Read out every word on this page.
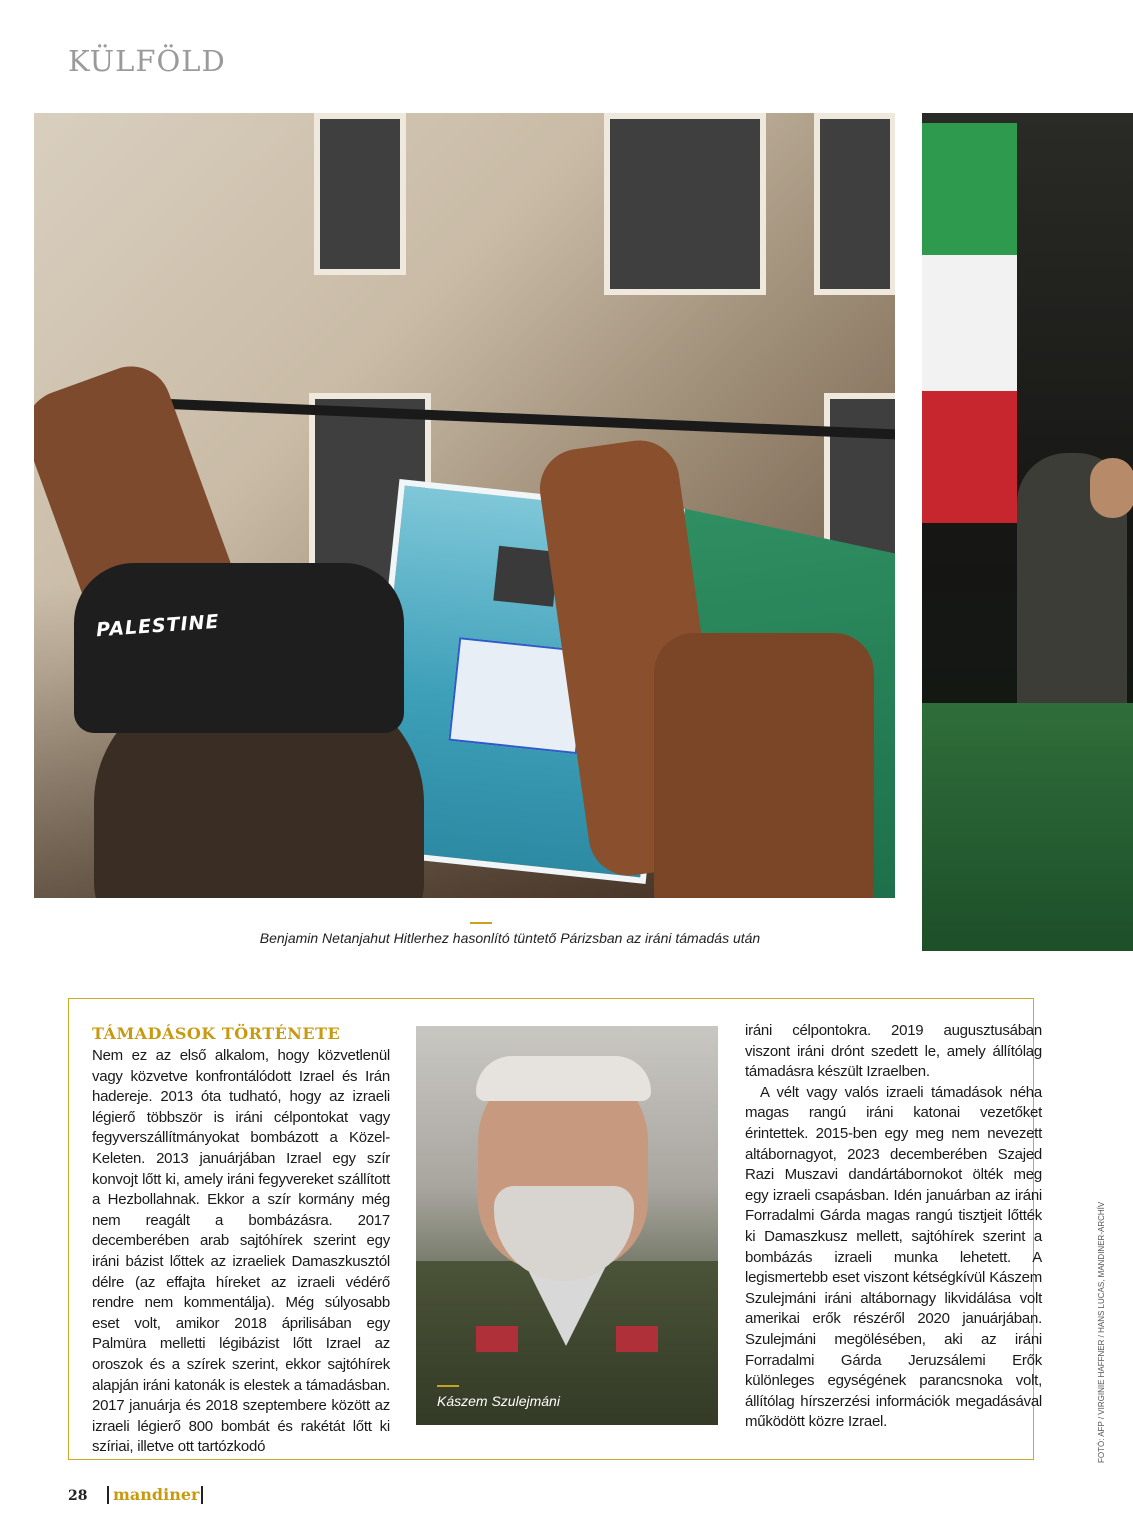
KÜLFÖLD
PALESTINE
Benjamin Netanjahut Hitlerhez hasonlító tüntető Párizsban az iráni támadás után
TÁMADÁSOK TÖRTÉNETE

Nem ez az első alkalom, hogy közvetlenül vagy közvetve konfrontálódott Izrael és Irán hadereje. 2013 óta tudható, hogy az izraeli légierő többször is iráni célpontokat vagy fegyverszállítmányokat bombázott a Közel-Keleten. 2013 januárjában Izrael egy szír konvojt lőtt ki, amely iráni fegyvereket szállított a Hezbollahnak. Ekkor a szír kormány még nem reagált a bombázásra. 2017 decemberében arab sajtóhírek szerint egy iráni bázist lőttek az izraeliek Damaszkusztól délre (az effajta híreket az izraeli védérő rendre nem kommentálja). Még súlyosabb eset volt, amikor 2018 áprilisában egy Palmüra melletti légibázist lőtt Izrael az oroszok és a szírek szerint, ekkor sajtóhírek alapján iráni katonák is elestek a támadásban. 2017 januárja és 2018 szeptembere között az izraeli légierő 800 bombát és rakétát lőtt ki szíriai, illetve ott tartózkodó

Kászem Szulejmáni

iráni célpontokra. 2019 augusztusában viszont iráni drónt szedett le, amely állítólag támadásra készült Izraelben.

A vélt vagy valós izraeli támadások néha magas rangú iráni katonai vezetőket érintettek. 2015-ben egy meg nem nevezett altábornagyot, 2023 decemberében Szajed Razi Muszavi dandártábornokot ölték meg egy izraeli csapásban. Idén januárban az iráni Forradalmi Gárda magas rangú tisztjeit lőtték ki Damaszkusz mellett, sajtóhírek szerint a bombázás izraeli munka lehetett. A legismertebb eset viszont kétségkívül Kászem Szulejmáni iráni altábornagy likvidálása volt amerikai erők részéről 2020 januárjában. Szulejmáni megölésében, aki az iráni Forradalmi Gárda Jeruzsálemi Erők különleges egységének parancsnoka volt, állítólag hírszerzési információk megadásával működött közre Izrael.	FOTÓ: AFP / VIRGINIE HAFFNER / HANS LUCAS, MANDINER-ARCHÍV
28	mandiner
